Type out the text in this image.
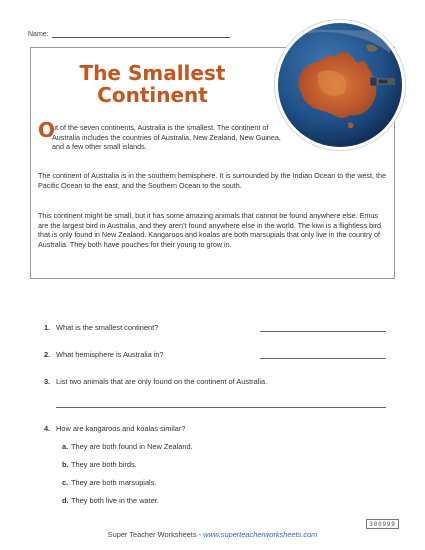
Name:
The Smallest
Continent
O
ut of the seven continents, Australia is the smallest. The continent of Australia includes the countries of Australia, New Zealand, New Guinea, and a few other small islands.
The continent of Australia is in the southern hemisphere. It is surrounded by the Indian Ocean to the west, the Pacific Ocean to the east, and the Southern Ocean to the south.
This continent might be small, but it has some amazing animals that cannot be found anywhere else. Emus are the largest bird in Australia, and they aren’t found anywhere else in the world. The kiwi is a flightless bird that is only found in New Zealand. Kangaroos and koalas are both marsupials that only live in the country of Australia. They both have pouches for their young to grow in.
1. What is the smallest continent?
2. What hemisphere is Australia in?
3. List two animals that are only found on the continent of Australia.
4. How are kangaroos and koalas similar?
a. They are both found in New Zealand.
b. They are both birds.
c. They are both marsupials.
d. They both live in the water.
300999
Super Teacher Worksheets - www.superteacherworksheets.com
